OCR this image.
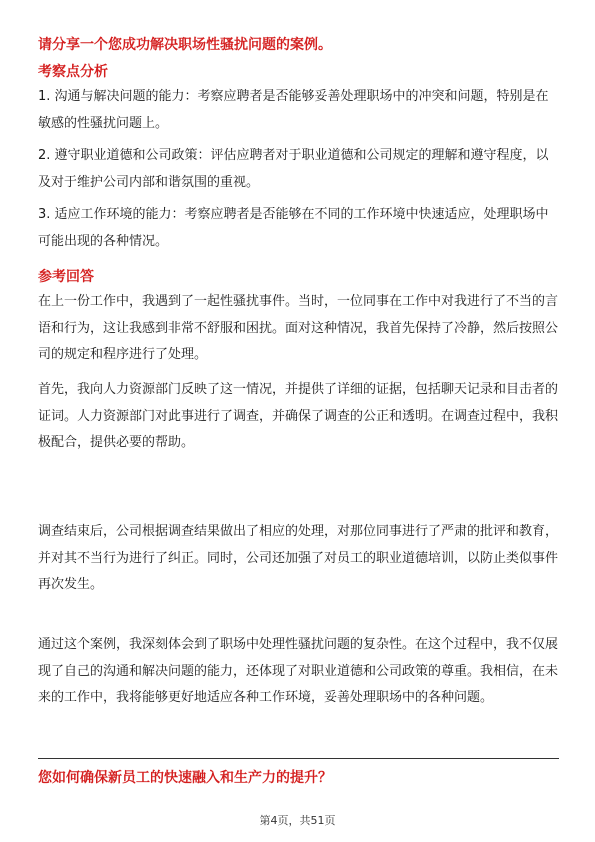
请分享一个您成功解决职场性骚扰问题的案例。
考察点分析

1. 沟通与解决问题的能力：考察应聘者是否能够妥善处理职场中的冲突和问题，特别是在敏感的性骚扰问题上。

2. 遵守职业道德和公司政策：评估应聘者对于职业道德和公司规定的理解和遵守程度，以及对于维护公司内部和谐氛围的重视。

3. 适应工作环境的能力：考察应聘者是否能够在不同的工作环境中快速适应，处理职场中可能出现的各种情况。

参考回答

在上一份工作中，我遇到了一起性骚扰事件。当时，一位同事在工作中对我进行了不当的言语和行为，这让我感到非常不舒服和困扰。面对这种情况，我首先保持了冷静，然后按照公司的规定和程序进行了处理。

首先，我向人力资源部门反映了这一情况，并提供了详细的证据，包括聊天记录和目击者的证词。人力资源部门对此事进行了调查，并确保了调查的公正和透明。在调查过程中，我积极配合，提供必要的帮助。

调查结束后，公司根据调查结果做出了相应的处理，对那位同事进行了严肃的批评和教育，并对其不当行为进行了纠正。同时，公司还加强了对员工的职业道德培训，以防止类似事件再次发生。

通过这个案例，我深刻体会到了职场中处理性骚扰问题的复杂性。在这个过程中，我不仅展现了自己的沟通和解决问题的能力，还体现了对职业道德和公司政策的尊重。我相信，在未来的工作中，我将能够更好地适应各种工作环境，妥善处理职场中的各种问题。

您如何确保新员工的快速融入和生产力的提升？
第4页，共51页
